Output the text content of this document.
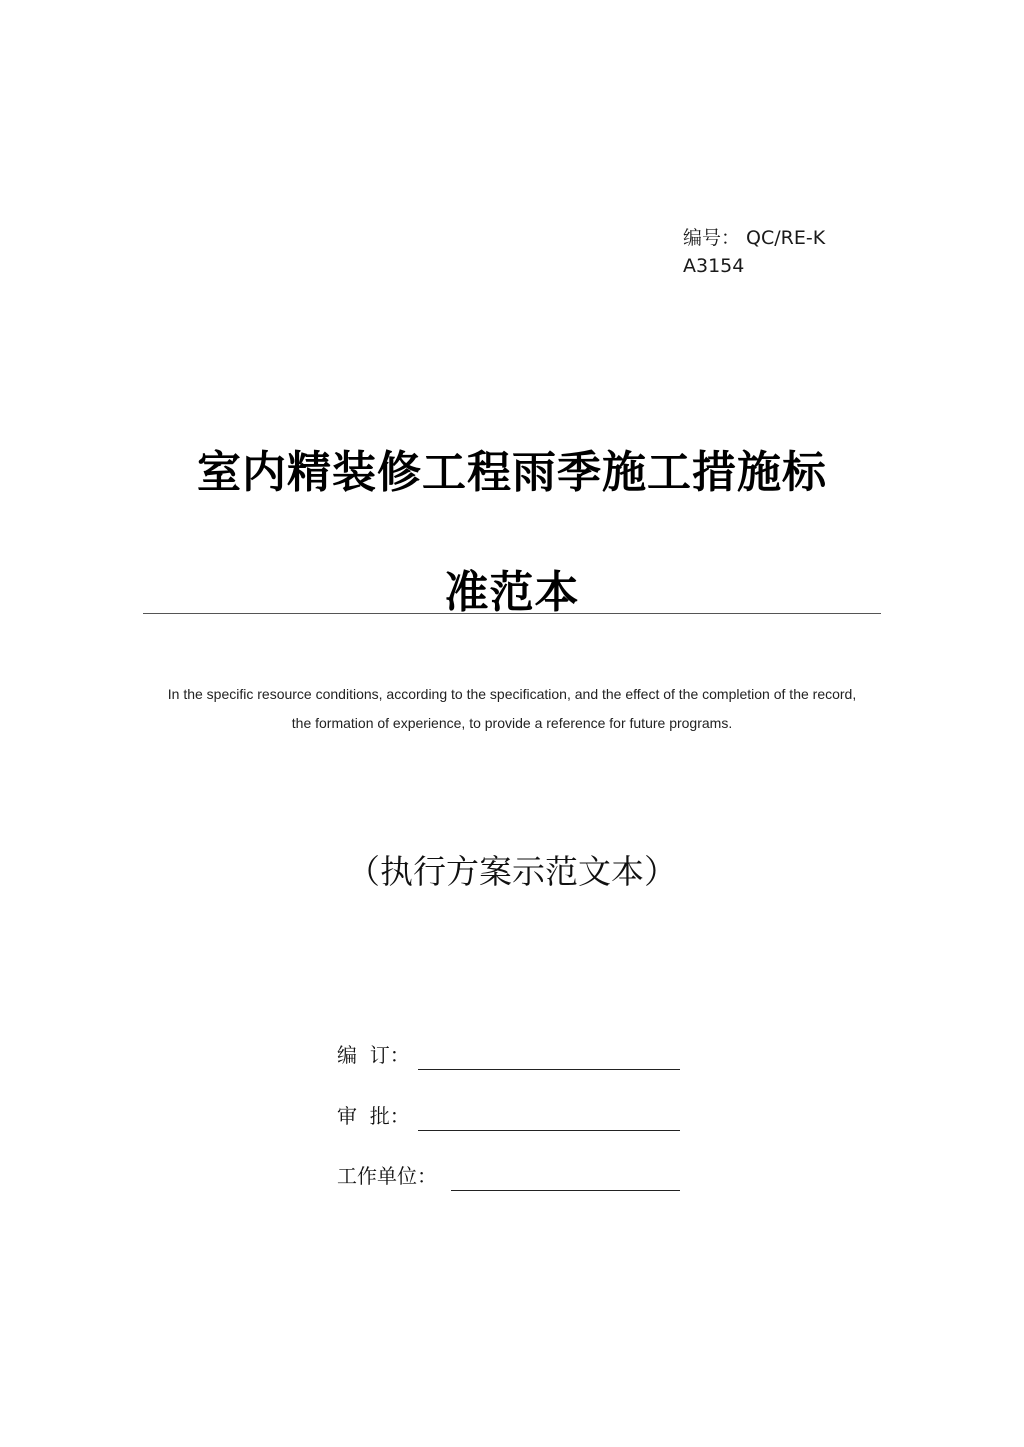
编号： QC/RE-KA3154
室内精装修工程雨季施工措施标
准范本
In the specific resource conditions, according to the specification, and the effect of the completion of the record, the formation of experience, to provide a reference for future programs.
（执行方案示范文本）
编  订：
审  批：
工作单位：
